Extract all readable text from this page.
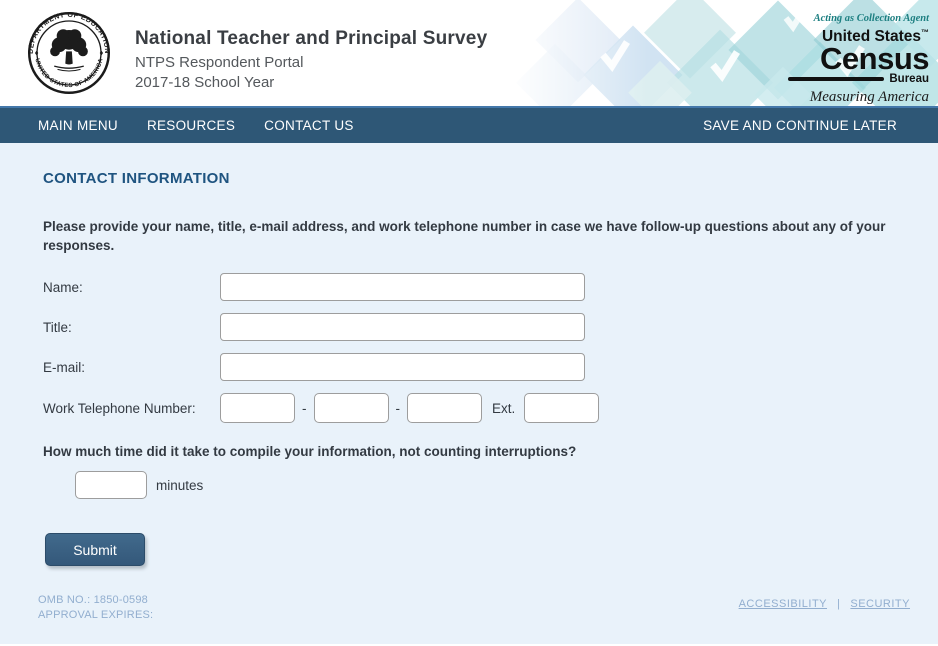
DEPARTMENT OF EDUCATION
UNITED STATES OF AMERICA
National Teacher and Principal Survey
NTPS Respondent Portal
2017-18 School Year
Acting as Collection Agent
United States™
Census
Bureau
Measuring America
MAIN MENU RESOURCES CONTACT US	SAVE AND CONTINUE LATER
CONTACT INFORMATION

Please provide your name, title, e-mail address, and work telephone number in case we have follow-up questions about any of your responses.

Name:
Title:
E-mail:
Work Telephone Number:	-	-	Ext.
How much time did it take to compile your information, not counting interruptions?
minutes
Submit
OMB NO.: 1850-0598
APPROVAL EXPIRES:
ACCESSIBILITY | SECURITY
